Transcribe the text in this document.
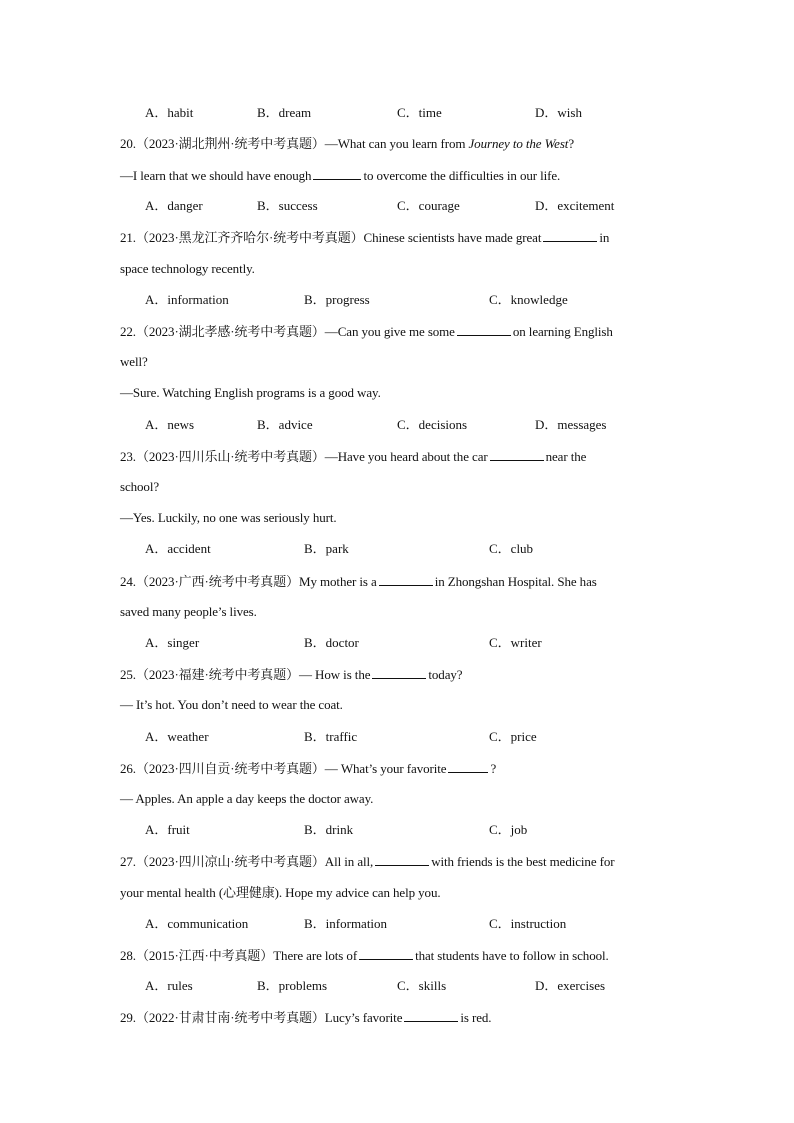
A．habit	B．dream	C．time	D．wish
20.（2023·湖北荆州·统考中考真题）—What can you learn from Journey to the West?
—I learn that we should have enough	to overcome the difficulties in our life.
A．danger	B．success	C．courage	D．excitement
21.（2023·黑龙江齐齐哈尔·统考中考真题）Chinese scientists have made great	in
space technology recently.
A．information	B．progress	C．knowledge
22.（2023·湖北孝感·统考中考真题）—Can you give me some	on learning English
well?
—Sure. Watching English programs is a good way.
A．news	B．advice	C．decisions	D．messages
23.（2023·四川乐山·统考中考真题）—Have you heard about the car	near the
school?
—Yes. Luckily, no one was seriously hurt.
A．accident	B．park	C．club
24.（2023·广西·统考中考真题）My mother is a	in Zhongshan Hospital. She has
saved many people’s lives.
A．singer	B．doctor	C．writer
25.（2023·福建·统考中考真题）— How is the	today?
— It’s hot. You don’t need to wear the coat.
A．weather	B．traffic	C．price
26.（2023·四川自贡·统考中考真题）— What’s your favorite	?
— Apples. An apple a day keeps the doctor away.
A．fruit	B．drink	C．job
27.（2023·四川凉山·统考中考真题）All in all,	with friends is the best medicine for
your mental health (心理健康). Hope my advice can help you.
A．communication	B．information	C．instruction
28.（2015·江西·中考真题）There are lots of	that students have to follow in school.
A．rules	B．problems	C．skills	D．exercises
29.（2022·甘肃甘南·统考中考真题）Lucy’s favorite	is red.
